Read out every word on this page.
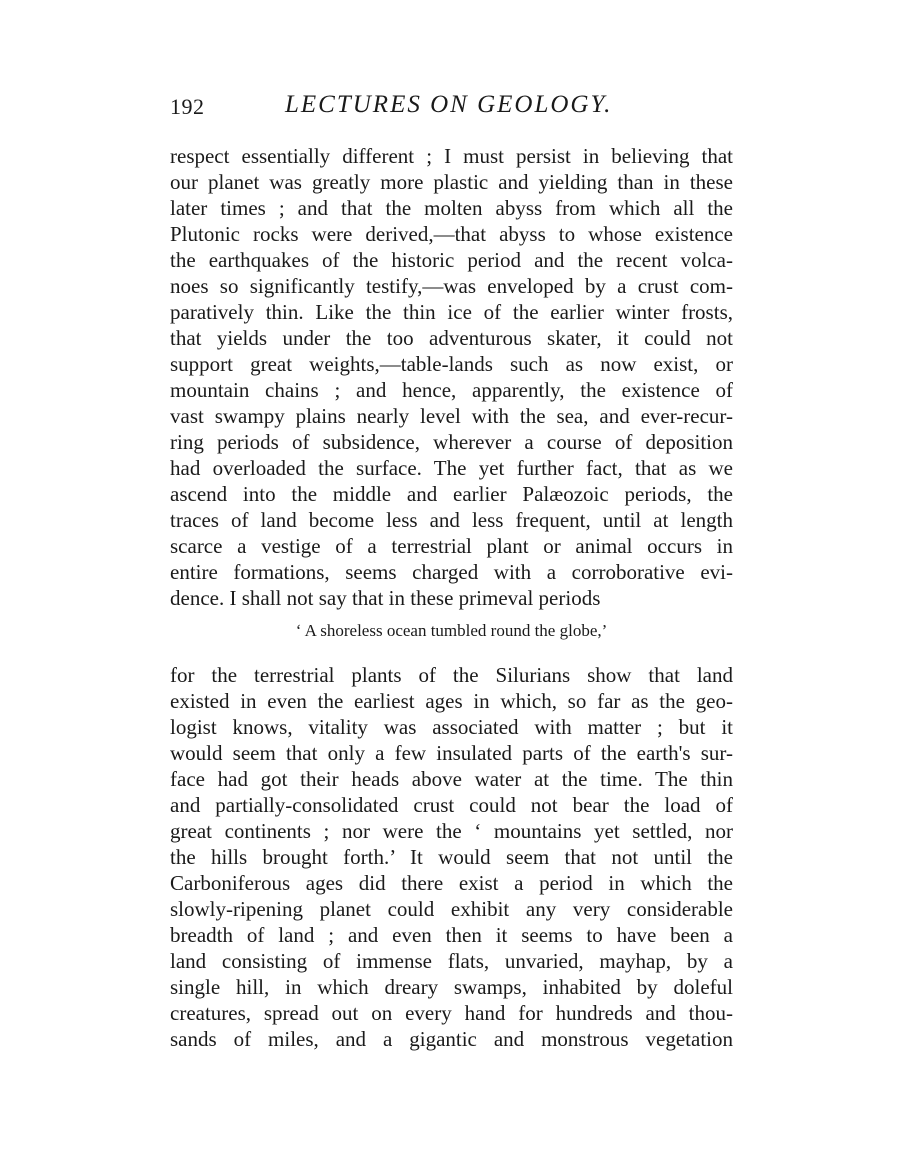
192	LECTURES ON GEOLOGY.
respect essentially different ; I must persist in believing that
our planet was greatly more plastic and yielding than in these
later times ; and that the molten abyss from which all the
Plutonic rocks were derived,—that abyss to whose existence
the earthquakes of the historic period and the recent volca-
noes so significantly testify,—was enveloped by a crust com-
paratively thin. Like the thin ice of the earlier winter frosts,
that yields under the too adventurous skater, it could not
support great weights,—table-lands such as now exist, or
mountain chains ; and hence, apparently, the existence of
vast swampy plains nearly level with the sea, and ever-recur-
ring periods of subsidence, wherever a course of deposition
had overloaded the surface. The yet further fact, that as we
ascend into the middle and earlier Palæozoic periods, the
traces of land become less and less frequent, until at length
scarce a vestige of a terrestrial plant or animal occurs in
entire formations, seems charged with a corroborative evi-
dence. I shall not say that in these primeval periods
‘ A shoreless ocean tumbled round the globe,’
for the terrestrial plants of the Silurians show that land
existed in even the earliest ages in which, so far as the geo-
logist knows, vitality was associated with matter ; but it
would seem that only a few insulated parts of the earth's sur-
face had got their heads above water at the time. The thin
and partially-consolidated crust could not bear the load of
great continents ; nor were the ‘ mountains yet settled, nor
the hills brought forth.’ It would seem that not until the
Carboniferous ages did there exist a period in which the
slowly-ripening planet could exhibit any very considerable
breadth of land ; and even then it seems to have been a
land consisting of immense flats, unvaried, mayhap, by a
single hill, in which dreary swamps, inhabited by doleful
creatures, spread out on every hand for hundreds and thou-
sands of miles, and a gigantic and monstrous vegetation
